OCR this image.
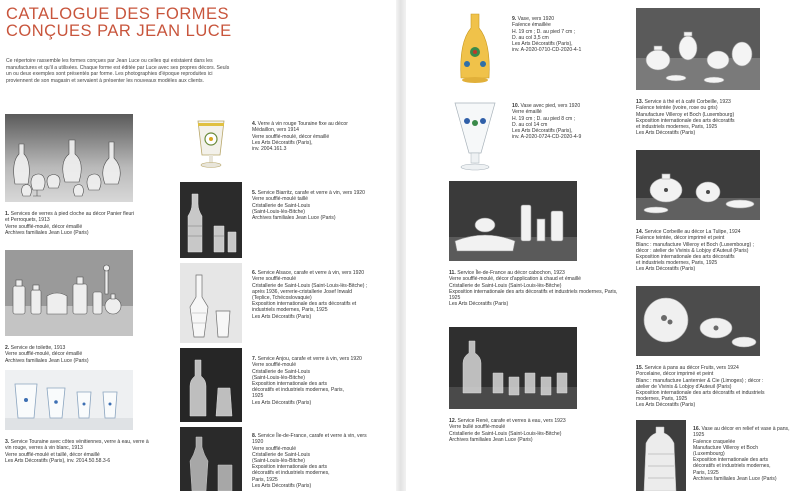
CATALOGUE DES FORMES
CONÇUES PAR JEAN LUCE
Ce répertoire rassemble les formes conçues par Jean Luce ou celles qui existaient dans les manufactures et qu'il a utilisées. Chaque forme est éditée par Luce avec ses propres décors. Seuls un ou deux exemples sont présentés par forme. Les photographies d'époque reproduites ici proviennent de son magasin et servaient à présenter les nouveaux modèles aux clients.

1. Services de verres à pied cloche au décor Panier fleuri et Perroquets, 1913

Verre soufflé-moulé, décor émaillé
Archives familiales Jean Luce (Paris)

2. Service de toilette, 1913

Verre soufflé-moulé, décor émaillé
Archives familiales Jean Luce (Paris)

3. Service Touraine avec côtes vénitiennes, verre à eau, verre à vin rouge, verres à vin blanc, 1913

Verre soufflé-moulé et taillé, décor émaillé
Les Arts Décoratifs (Paris), inv. 2014.50.58.3-6

4. Verre à vin rouge Touraine fixe au décor Médaillon, vers 1914

Verre soufflé-moulé, décor émaillé
Les Arts Décoratifs (Paris),
inv. 2004.161.3

5. Service Biarritz, carafe et verre à vin, vers 1920

Verre soufflé-moulé taillé
Cristallerie de Saint-Louis
(Saint-Louis-lès-Bitche)
Archives familiales Jean Luce (Paris)

6. Service Alsace, carafe et verre à vin, vers 1920

Verre soufflé-moulé
Cristallerie de Saint-Louis (Saint-Louis-lès-Bitche) ; après 1936, verrerie-cristallerie Josef Inwald (Teplice, Tchécoslovaquie)
Exposition internationale des arts décoratifs et industriels modernes, Paris, 1925
Les Arts Décoratifs (Paris)

7. Service Anjou, carafe et verre à vin, vers 1920

Verre soufflé-moulé
Cristallerie de Saint-Louis
(Saint-Louis-lès-Bitche)
Exposition internationale des arts
décoratifs et industriels modernes, Paris,
1925
Les Arts Décoratifs (Paris)

8. Service Île-de-France, carafe et verre à vin, vers 1920

Verre soufflé-moulé
Cristallerie de Saint-Louis
(Saint-Louis-lès-Bitche)
Exposition internationale des arts
décoratifs et industriels modernes,
Paris, 1925
Les Arts Décoratifs (Paris)

9. Vase, vers 1920

Faïence émaillée
H. 19 cm ; D. au pied 7 cm ;
D. au col 3,5 cm
Les Arts Décoratifs (Paris),
inv. A-2020-0710-CD-2020-4-1

10. Vase avec pied, vers 1920

Verre émaillé
H. 19 cm ; D. au pied 8 cm ;
D. au col 14 cm
Les Arts Décoratifs (Paris),
inv. A-2020-0724-CD-2020-4-9

11. Service Île-de-France au décor cabochon, 1923

Verre soufflé-moulé, décor d'application à chaud et émaillé
Cristallerie de Saint-Louis (Saint-Louis-lès-Bitche)
Exposition internationale des arts décoratifs et industriels modernes, Paris, 1925
Les Arts Décoratifs (Paris)

12. Service René, carafe et verres à eau, vers 1923

Verre bullé soufflé-moulé
Cristallerie de Saint-Louis (Saint-Louis-lès-Bitche)
Archives familiales Jean Luce (Paris)

13. Service à thé et à café Corbeille, 1923

Faïence teintée (ivoire, rose ou gris)
Manufacture Villeroy et Boch (Luxembourg)
Exposition internationale des arts décoratifs
et industriels modernes, Paris, 1925
Les Arts Décoratifs (Paris)

14. Service Corbeille au décor La Tulipe, 1924

Faïence teintée, décor imprimé et peint
Blanc : manufacture Villeroy et Boch (Luxembourg) ;
décor : atelier de Vivinis & Lobjoy d'Auteuil (Paris)
Exposition internationale des arts décoratifs
et industriels modernes, Paris, 1925
Les Arts Décoratifs (Paris)

15. Service à pans au décor Fruits, vers 1924

Porcelaine, décor imprimé et peint
Blanc : manufacture Lanternier & Cie (Limoges) ; décor :
atelier de Vivinis & Lobjoy d'Auteuil (Paris)
Exposition internationale des arts décoratifs et industriels
modernes, Paris, 1925
Les Arts Décoratifs (Paris)

16. Vase au décor en relief et vase à pans, 1925

Faïence craquelée
Manufacture Villeroy et Boch
(Luxembourg)
Exposition internationale des arts
décoratifs et industriels modernes,
Paris, 1925
Archives familiales Jean Luce (Paris)
